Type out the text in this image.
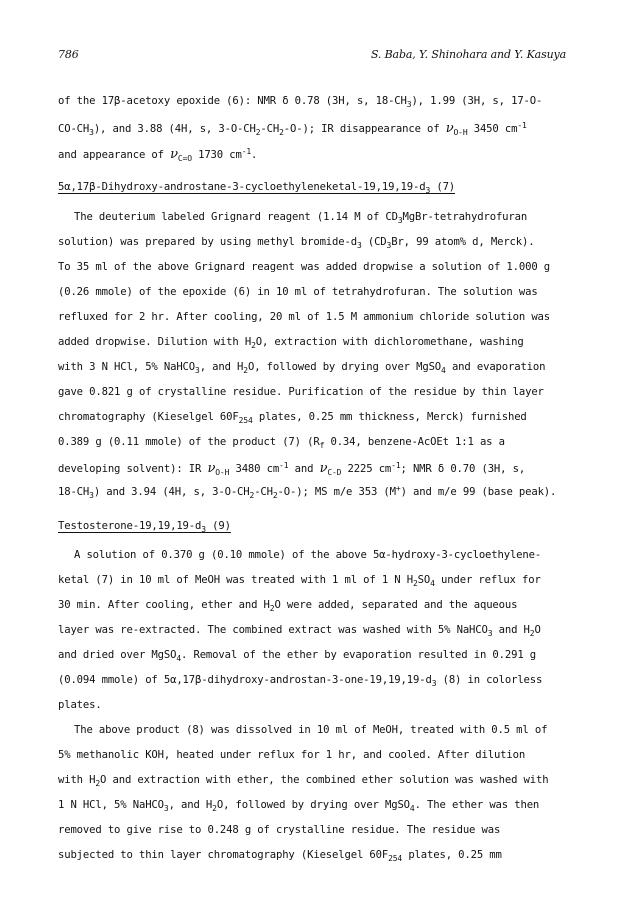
786	S. Baba, Y. Shinohara and Y. Kasuya
of the 17β-acetoxy epoxide (6): NMR δ 0.78 (3H, s, $18-CH_3$), 1.99 (3H, s, 17-O-
$CO-CH_3$), and 3.88 (4H, s, $3-O-CH_2-CH_2-O-$); IR disappearance of $\nu_{O-H}$ 3450 $cm^{-1}$
and appearance of $\nu_{C=O}$ 1730 $cm^{-1}$.
$5\alpha,17\beta-Dihydroxy-androstane-3-cycloethyleneketal-19,19,19-d_3$ (7)
The deuterium labeled Grignard reagent (1.14 M of $CD_3MgBr$-tetrahydrofuran
solution) was prepared by using methyl bromide-$d_3$ ($CD_3Br$, 99 atom% d, Merck).
To 35 ml of the above Grignard reagent was added dropwise a solution of 1.000 g
(0.26 mmole) of the epoxide (6) in 10 ml of tetrahydrofuran. The solution was
refluxed for 2 hr. After cooling, 20 ml of 1.5 M ammonium chloride solution was
added dropwise. Dilution with $H_2O$, extraction with dichloromethane, washing
with 3 N HCl, 5% NaHCO$_3$, and $H_2O$, followed by drying over MgSO$_4$ and evaporation
gave 0.821 g of crystalline residue. Purification of the residue by thin layer
chromatography (Kieselgel $60F_{254}$ plates, 0.25 mm thickness, Merck) furnished
0.389 g (0.11 mmole) of the product (7) ($R_f$ 0.34, benzene-AcOEt 1:1 as a
developing solvent): IR $\nu_{O-H}$ 3480 $cm^{-1}$ and $\nu_{C-D}$ 2225 $cm^{-1}$; NMR δ 0.70 (3H, s,
$18-CH_3$) and 3.94 (4H, s, $3-O-CH_2-CH_2-O-$); MS m/e 353 (M+) and m/e 99 (base peak).
Testosterone-$19,19,19-d_3$ (9)
A solution of 0.370 g (0.10 mmole) of the above 5α-hydroxy-3-cycloethylene-
ketal (7) in 10 ml of MeOH was treated with 1 ml of 1 N $H_2SO_4$ under reflux for
30 min. After cooling, ether and $H_2O$ were added, separated and the aqueous
layer was re-extracted. The combined extract was washed with 5% NaHCO$_3$ and $H_2O$
and dried over MgSO$_4$. Removal of the ether by evaporation resulted in 0.291 g
(0.094 mmole) of $5\alpha,17\beta-dihydroxy-androstan-3-one-19,19,19-d_3$ (8) in colorless
plates.
The above product (8) was dissolved in 10 ml of MeOH, treated with 0.5 ml of
5% methanolic KOH, heated under reflux for 1 hr, and cooled. After dilution
with $H_2O$ and extraction with ether, the combined ether solution was washed with
1 N HCl, 5% NaHCO$_3$, and $H_2O$, followed by drying over MgSO$_4$. The ether was then
removed to give rise to 0.248 g of crystalline residue. The residue was
subjected to thin layer chromatography (Kieselgel $60F_{254}$ plates, 0.25 mm
